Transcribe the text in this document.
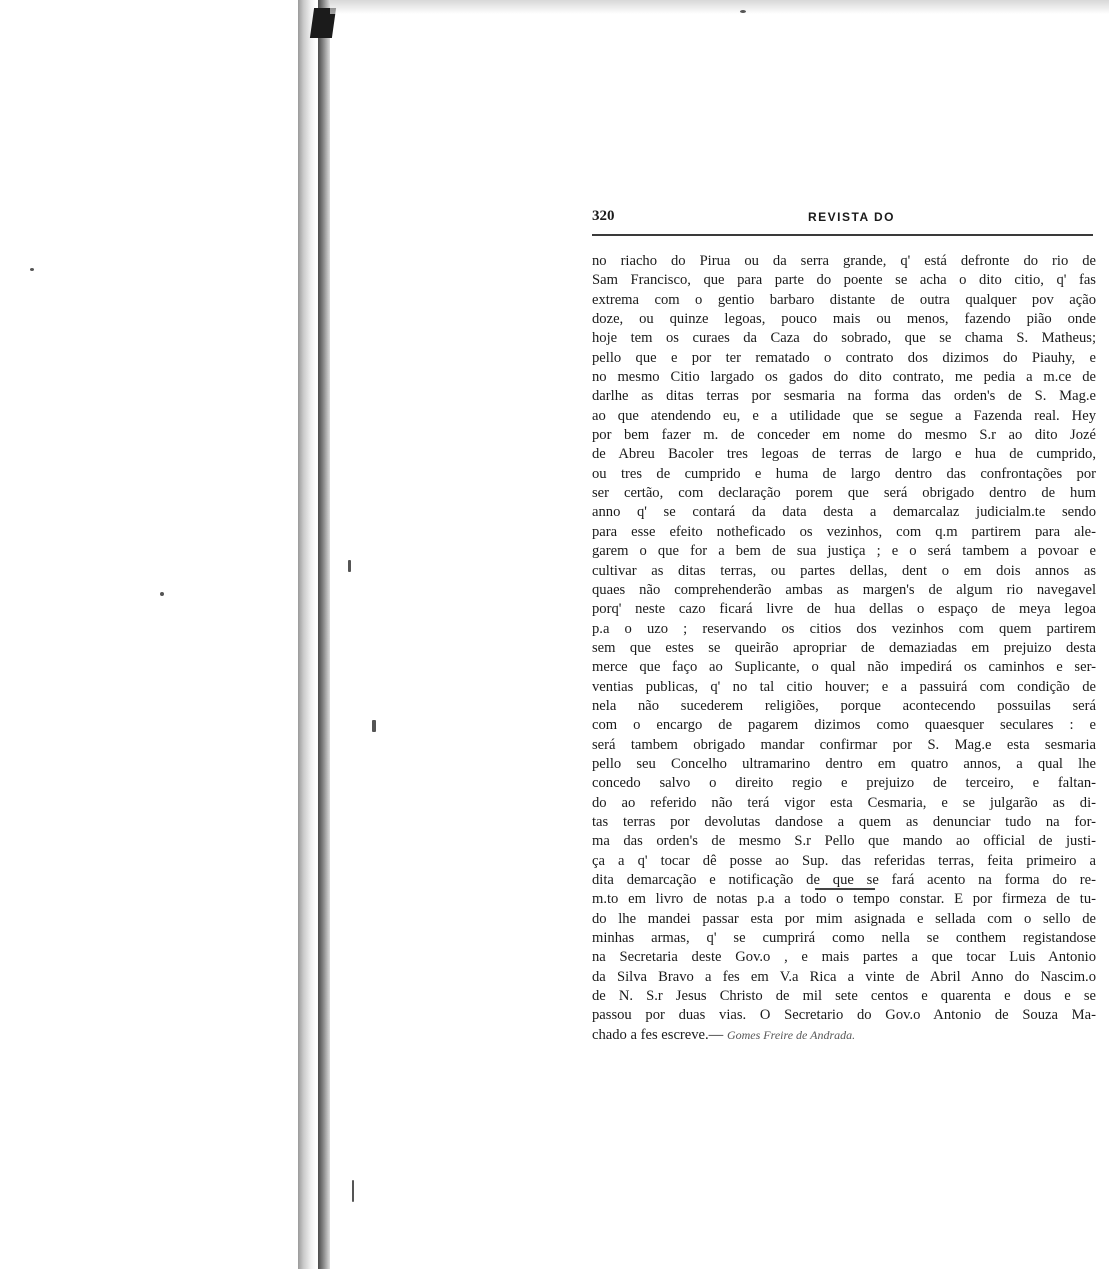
320	REVISTA DO
no riacho do Pirua ou da serra grande, q' está defronte do rio de
Sam Francisco, que para parte do poente se acha o dito citio, q' fas
extrema com o gentio barbaro distante de outra qualquer pov ação
doze, ou quinze legoas, pouco mais ou menos, fazendo pião onde
hoje tem os curaes da Caza do sobrado, que se chama S. Matheus;
pello que e por ter rematado o contrato dos dizimos do Piauhy, e
no mesmo Citio largado os gados do dito contrato, me pedia a m.ce de
darlhe as ditas terras por sesmaria na forma das orden's de S. Mag.e
ao que atendendo eu, e a utilidade que se segue a Fazenda real. Hey
por bem fazer m. de conceder em nome do mesmo S.r ao dito Jozé
de Abreu Bacoler tres legoas de terras de largo e hua de cumprido,
ou tres de cumprido e huma de largo dentro das confrontações por
ser certão, com declaração porem que será obrigado dentro de hum
anno q' se contará da data desta a demarcalaz judicialm.te sendo
para esse efeito notheficado os vezinhos, com q.m partirem para ale-
garem o que for a bem de sua justiça ; e o será tambem a povoar e
cultivar as ditas terras, ou partes dellas, dent o em dois annos as
quaes não comprehenderão ambas as margen's de algum rio navegavel
porq' neste cazo ficará livre de hua dellas o espaço de meya legoa
p.a o uzo ; reservando os citios dos vezinhos com quem partirem
sem que estes se queirão apropriar de demaziadas em prejuizo desta
merce que faço ao Suplicante, o qual não impedirá os caminhos e ser-
ventias publicas, q' no tal citio houver; e a passuirá com condição de
nela não sucederem religiões, porque acontecendo possuilas será
com o encargo de pagarem dizimos como quaesquer seculares : e
será tambem obrigado mandar confirmar por S. Mag.e esta sesmaria
pello seu Concelho ultramarino dentro em quatro annos, a qual lhe
concedo salvo o direito regio e prejuizo de terceiro, e faltan-
do ao referido não terá vigor esta Cesmaria, e se julgarão as di-
tas terras por devolutas dandose a quem as denunciar tudo na for-
ma das orden's de mesmo S.r Pello que mando ao official de justi-
ça a q' tocar dê posse ao Sup. das referidas terras, feita primeiro a
dita demarcação e notificação de que se fará acento na forma do re-
m.to em livro de notas p.a a todo o tempo constar. E por firmeza de tu-
do lhe mandei passar esta por mim asignada e sellada com o sello de
minhas armas, q' se cumprirá como nella se conthem registandose
na Secretaria deste Gov.o , e mais partes a que tocar Luis Antonio
da Silva Bravo a fes em V.a Rica a vinte de Abril Anno do Nascim.o
de N. S.r Jesus Christo de mil sete centos e quarenta e dous e se
passou por duas vias. O Secretario do Gov.o Antonio de Souza Ma-
chado a fes escreve.— Gomes Freire de Andrada.
